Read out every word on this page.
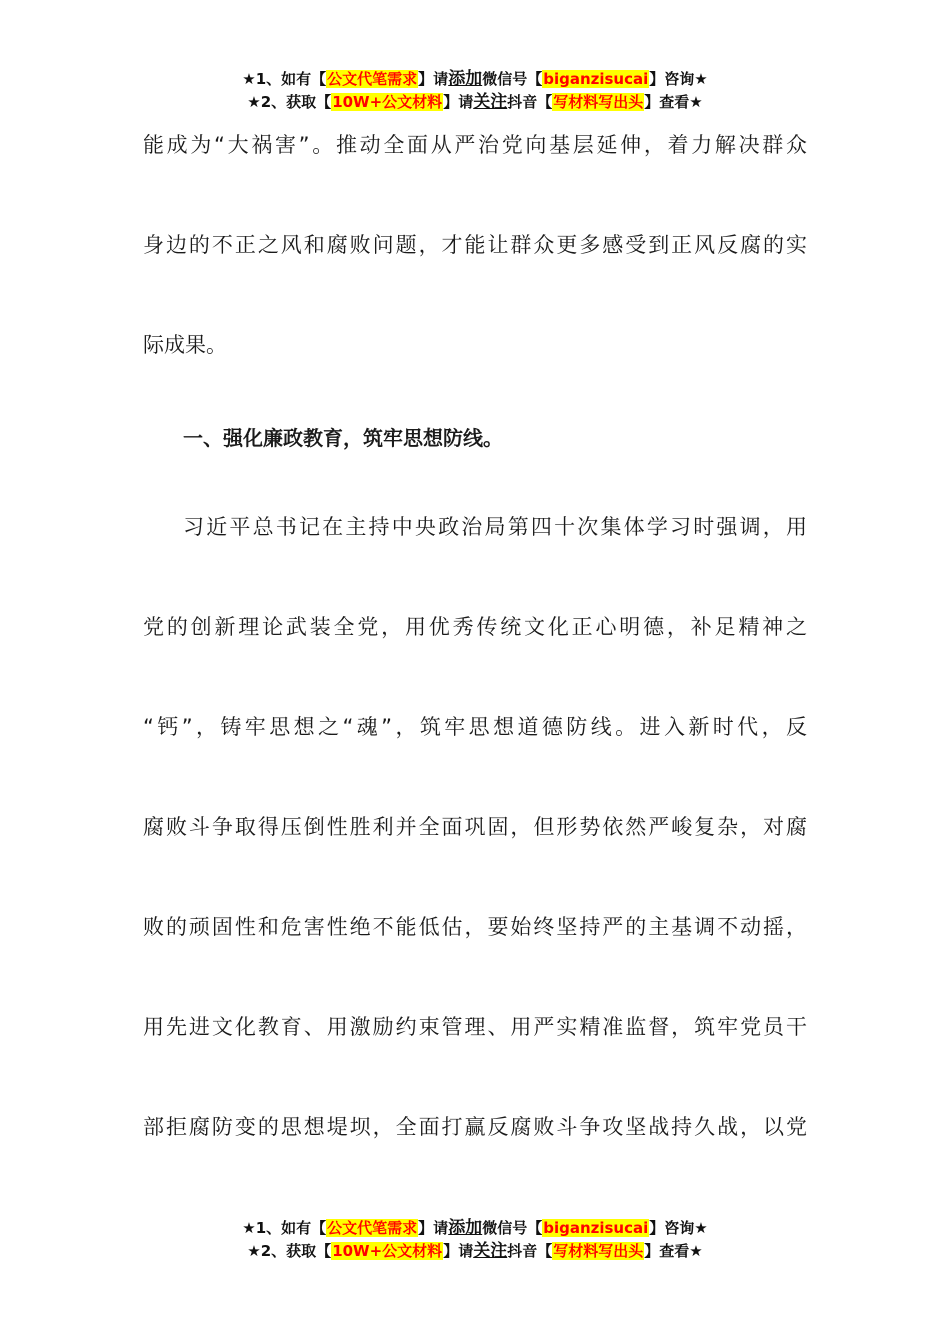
★1、如有【公文代笔需求】请添加微信号【biganzisucai】咨询★
★2、获取【10W+公文材料】请关注抖音【写材料写出头】查看★
能成为“大祸害”。推动全面从严治党向基层延伸，着力解决群众
身边的不正之风和腐败问题，才能让群众更多感受到正风反腐的实
际成果。
一、强化廉政教育，筑牢思想防线。
习近平总书记在主持中央政治局第四十次集体学习时强调，用
党的创新理论武装全党，用优秀传统文化正心明德，补足精神之
“钙”，铸牢思想之“魂”，筑牢思想道德防线。进入新时代，反
腐败斗争取得压倒性胜利并全面巩固，但形势依然严峻复杂，对腐
败的顽固性和危害性绝不能低估，要始终坚持严的主基调不动摇，
用先进文化教育、用激励约束管理、用严实精准监督，筑牢党员干
部拒腐防变的思想堤坝，全面打赢反腐败斗争攻坚战持久战，以党
★1、如有【公文代笔需求】请添加微信号【biganzisucai】咨询★
★2、获取【10W+公文材料】请关注抖音【写材料写出头】查看★
